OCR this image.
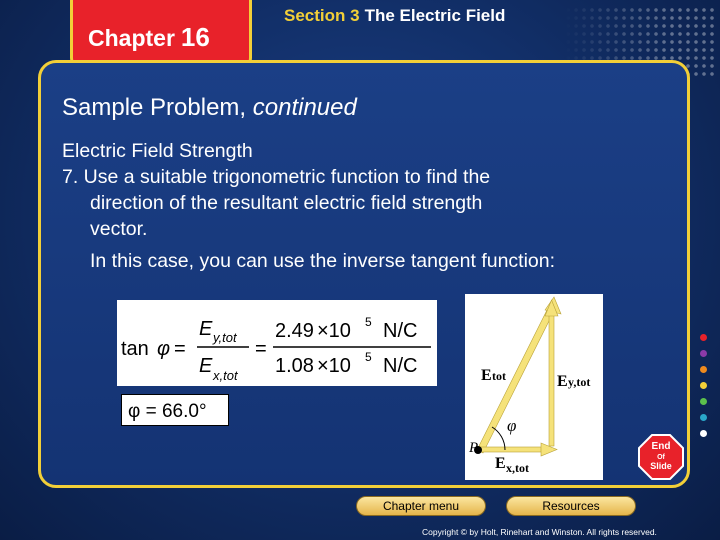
Chapter 16
Section 3 The Electric Field
Sample Problem, continued

Electric Field Strength

7. Use a suitable trigonometric function to find the

direction of the resultant electric field strength

vector.

In this case, you can use the inverse tangent function:

tan φ =
E y,tot
E x,tot
=
2.49 ×10 5 N/C
1.08 ×10 5 N/C
φ = 66.0°
φ
P
E tot	E y,tot
E x,tot
End
Of
Slide
Chapter menu	Resources
Copyright © by Holt, Rinehart and Winston. All rights reserved.
